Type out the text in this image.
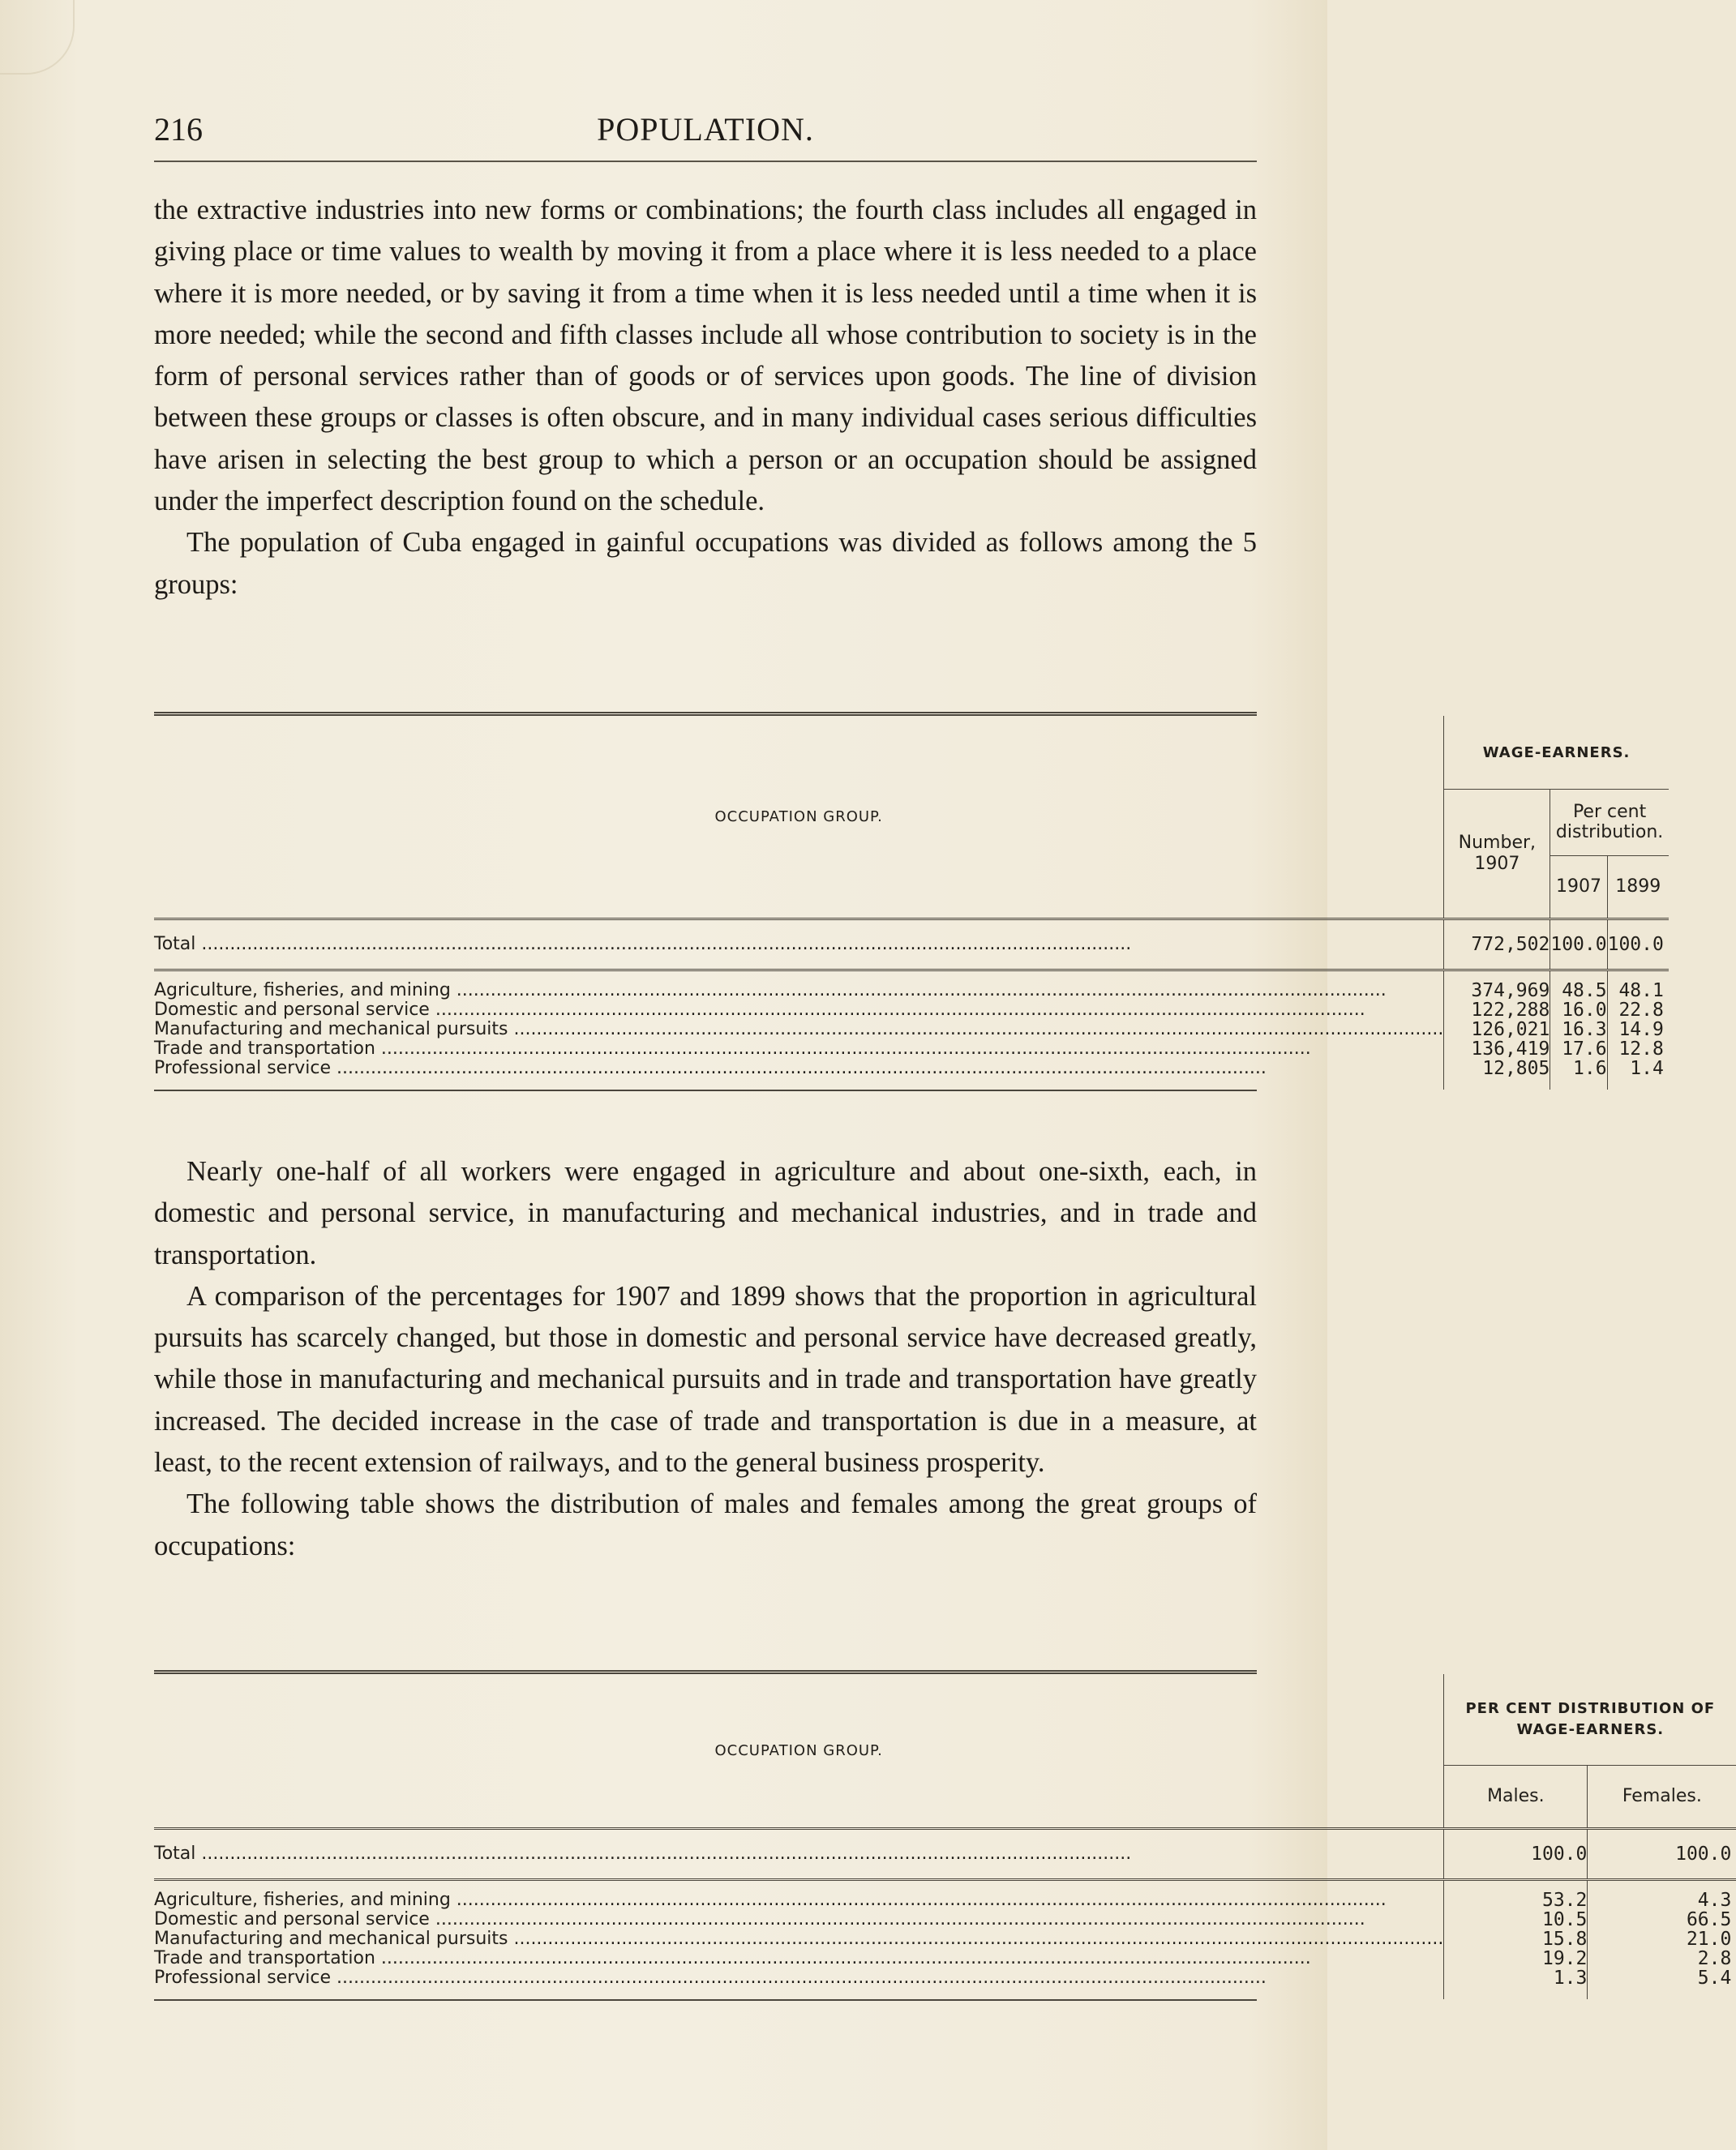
216	POPULATION.

the extractive industries into new forms or combinations; the fourth class includes all engaged in giving place or time values to wealth by moving it from a place where it is less needed to a place where it is more needed, or by saving it from a time when it is less needed until a time when it is more needed; while the second and fifth classes include all whose contribution to society is in the form of personal services rather than of goods or of services upon goods. The line of division between these groups or classes is often obscure, and in many individual cases serious difficulties have arisen in selecting the best group to which a person or an occupation should be assigned under the imperfect description found on the schedule.

The population of Cuba engaged in gainful occupations was divided as follows among the 5 groups:

OCCUPATION GROUP.	WAGE-EARNERS.		
	Number, 1907	Per cent distribution.	
		1907	1899

Total .....	772,502	100.0	100.0

Agriculture, fisheries, and mining .....	374,969	48.5	48.1

Domestic and personal service .....	122,288	16.0	22.8

Manufacturing and mechanical pursuits .....	126,021	16.3	14.9

Trade and transportation .....	136,419	17.6	12.8

Professional service .....	12,805	1.6	1.4

Nearly one-half of all workers were engaged in agriculture and about one-sixth, each, in domestic and personal service, in manufacturing and mechanical industries, and in trade and transportation.

A comparison of the percentages for 1907 and 1899 shows that the proportion in agricultural pursuits has scarcely changed, but those in domestic and personal service have decreased greatly, while those in manufacturing and mechanical pursuits and in trade and transportation have greatly increased. The decided increase in the case of trade and transportation is due in a measure, at least, to the recent extension of railways, and to the general business prosperity.

The following table shows the distribution of males and females among the great groups of occupations:

OCCUPATION GROUP.	PER CENT DISTRIBUTION OF WAGE-EARNERS.	
	Males.	Females.

Total .....	100.0	100.0

Agriculture, fisheries, and mining .....	53.2	4.3

Domestic and personal service .....	10.5	66.5

Manufacturing and mechanical pursuits .....	15.8	21.0

Trade and transportation .....	19.2	2.8

Professional service .....	1.3	5.4
